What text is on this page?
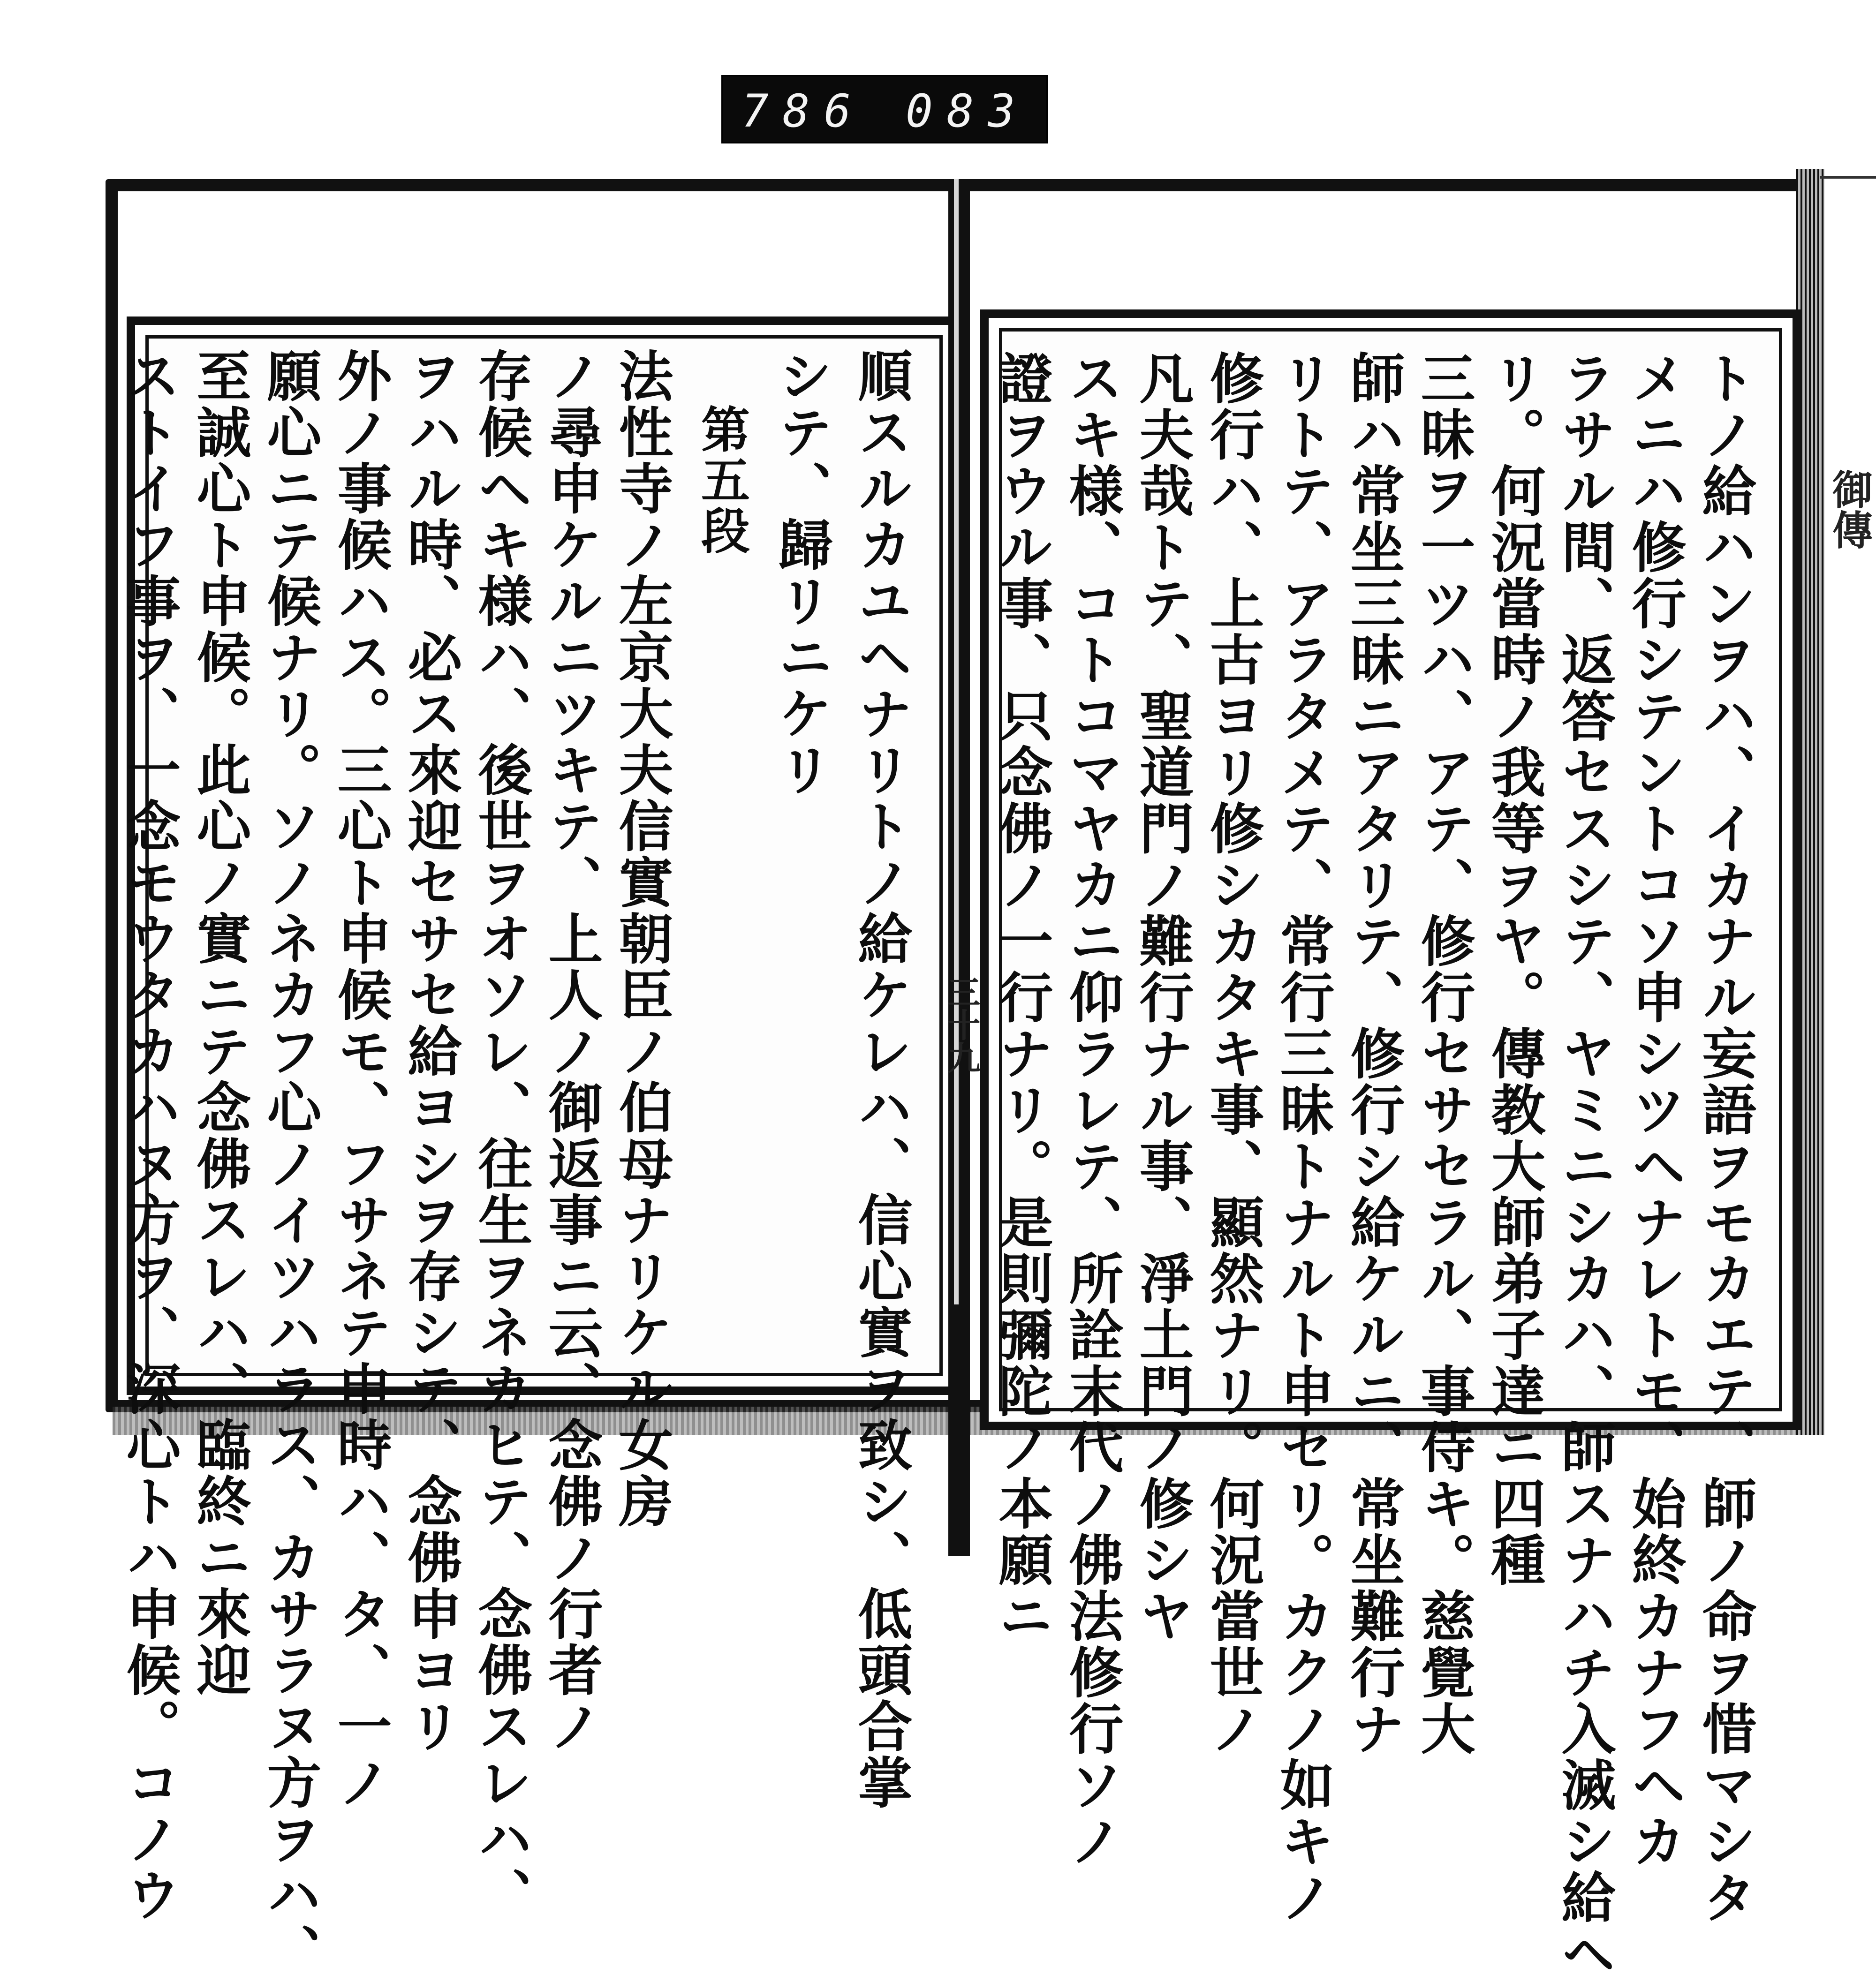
786 083
順スルカユヘナリトノ給ケレハ、信心實ヲ致シ、低頭合掌
シテ、歸リニケリ
第五段
法性寺ノ左京大夫信實朝臣ノ伯母ナリケル女房
ノ尋申ケルニツキテ、上人ノ御返事ニ云、念佛ノ行者ノ
存候ヘキ様ハ、後世ヲオソレ、往生ヲネカヒテ、念佛スレハ、
ヲハル時、必ス來迎セサセ給ヨシヲ存シテ、念佛申ヨリ
外ノ事候ハス。三心ト申候モ、フサネテ申時ハ、タ、一ノ
願心ニテ候ナリ。ソノネカフ心ノイツハラス、カサラヌ方ヲハ、
至誠心ト申候。此心ノ實ニテ念佛スレハ、臨終ニ來迎
ストイフ事ヲ、一念モウタカハヌ方ヲ、深心トハ申候。コノウ	トノ給ハンヲハ、イカナル妄語ヲモカエテ、師ノ命ヲ惜マシタ
メニハ修行シテントコソ申シツヘナレトモ、始終カナフヘカ
ラサル間、返答セスシテ、ヤミニシカハ、師スナハチ入滅シ給ヘ
リ。何況當時ノ我等ヲヤ。傳教大師弟子達ニ四種
三昧ヲ一ツハ、アテ、修行セサセラル、事侍キ。慈覺大
師ハ常坐三昧ニアタリテ、修行シ給ケルニ、常坐難行ナ
リトテ、アラタメテ、常行三昧トナルト申セリ。カクノ如キノ
修行ハ、上古ヨリ修シカタキ事、顯然ナリ。何況當世ノ
凡夫哉トテ、聖道門ノ難行ナル事、淨土門ノ修シヤ
スキ様、コトコマヤカニ仰ラレテ、所詮末代ノ佛法修行ソノ
證ヲウル事、只念佛ノ一行ナリ。是則彌陀ノ本願ニ
三十九
御傳
